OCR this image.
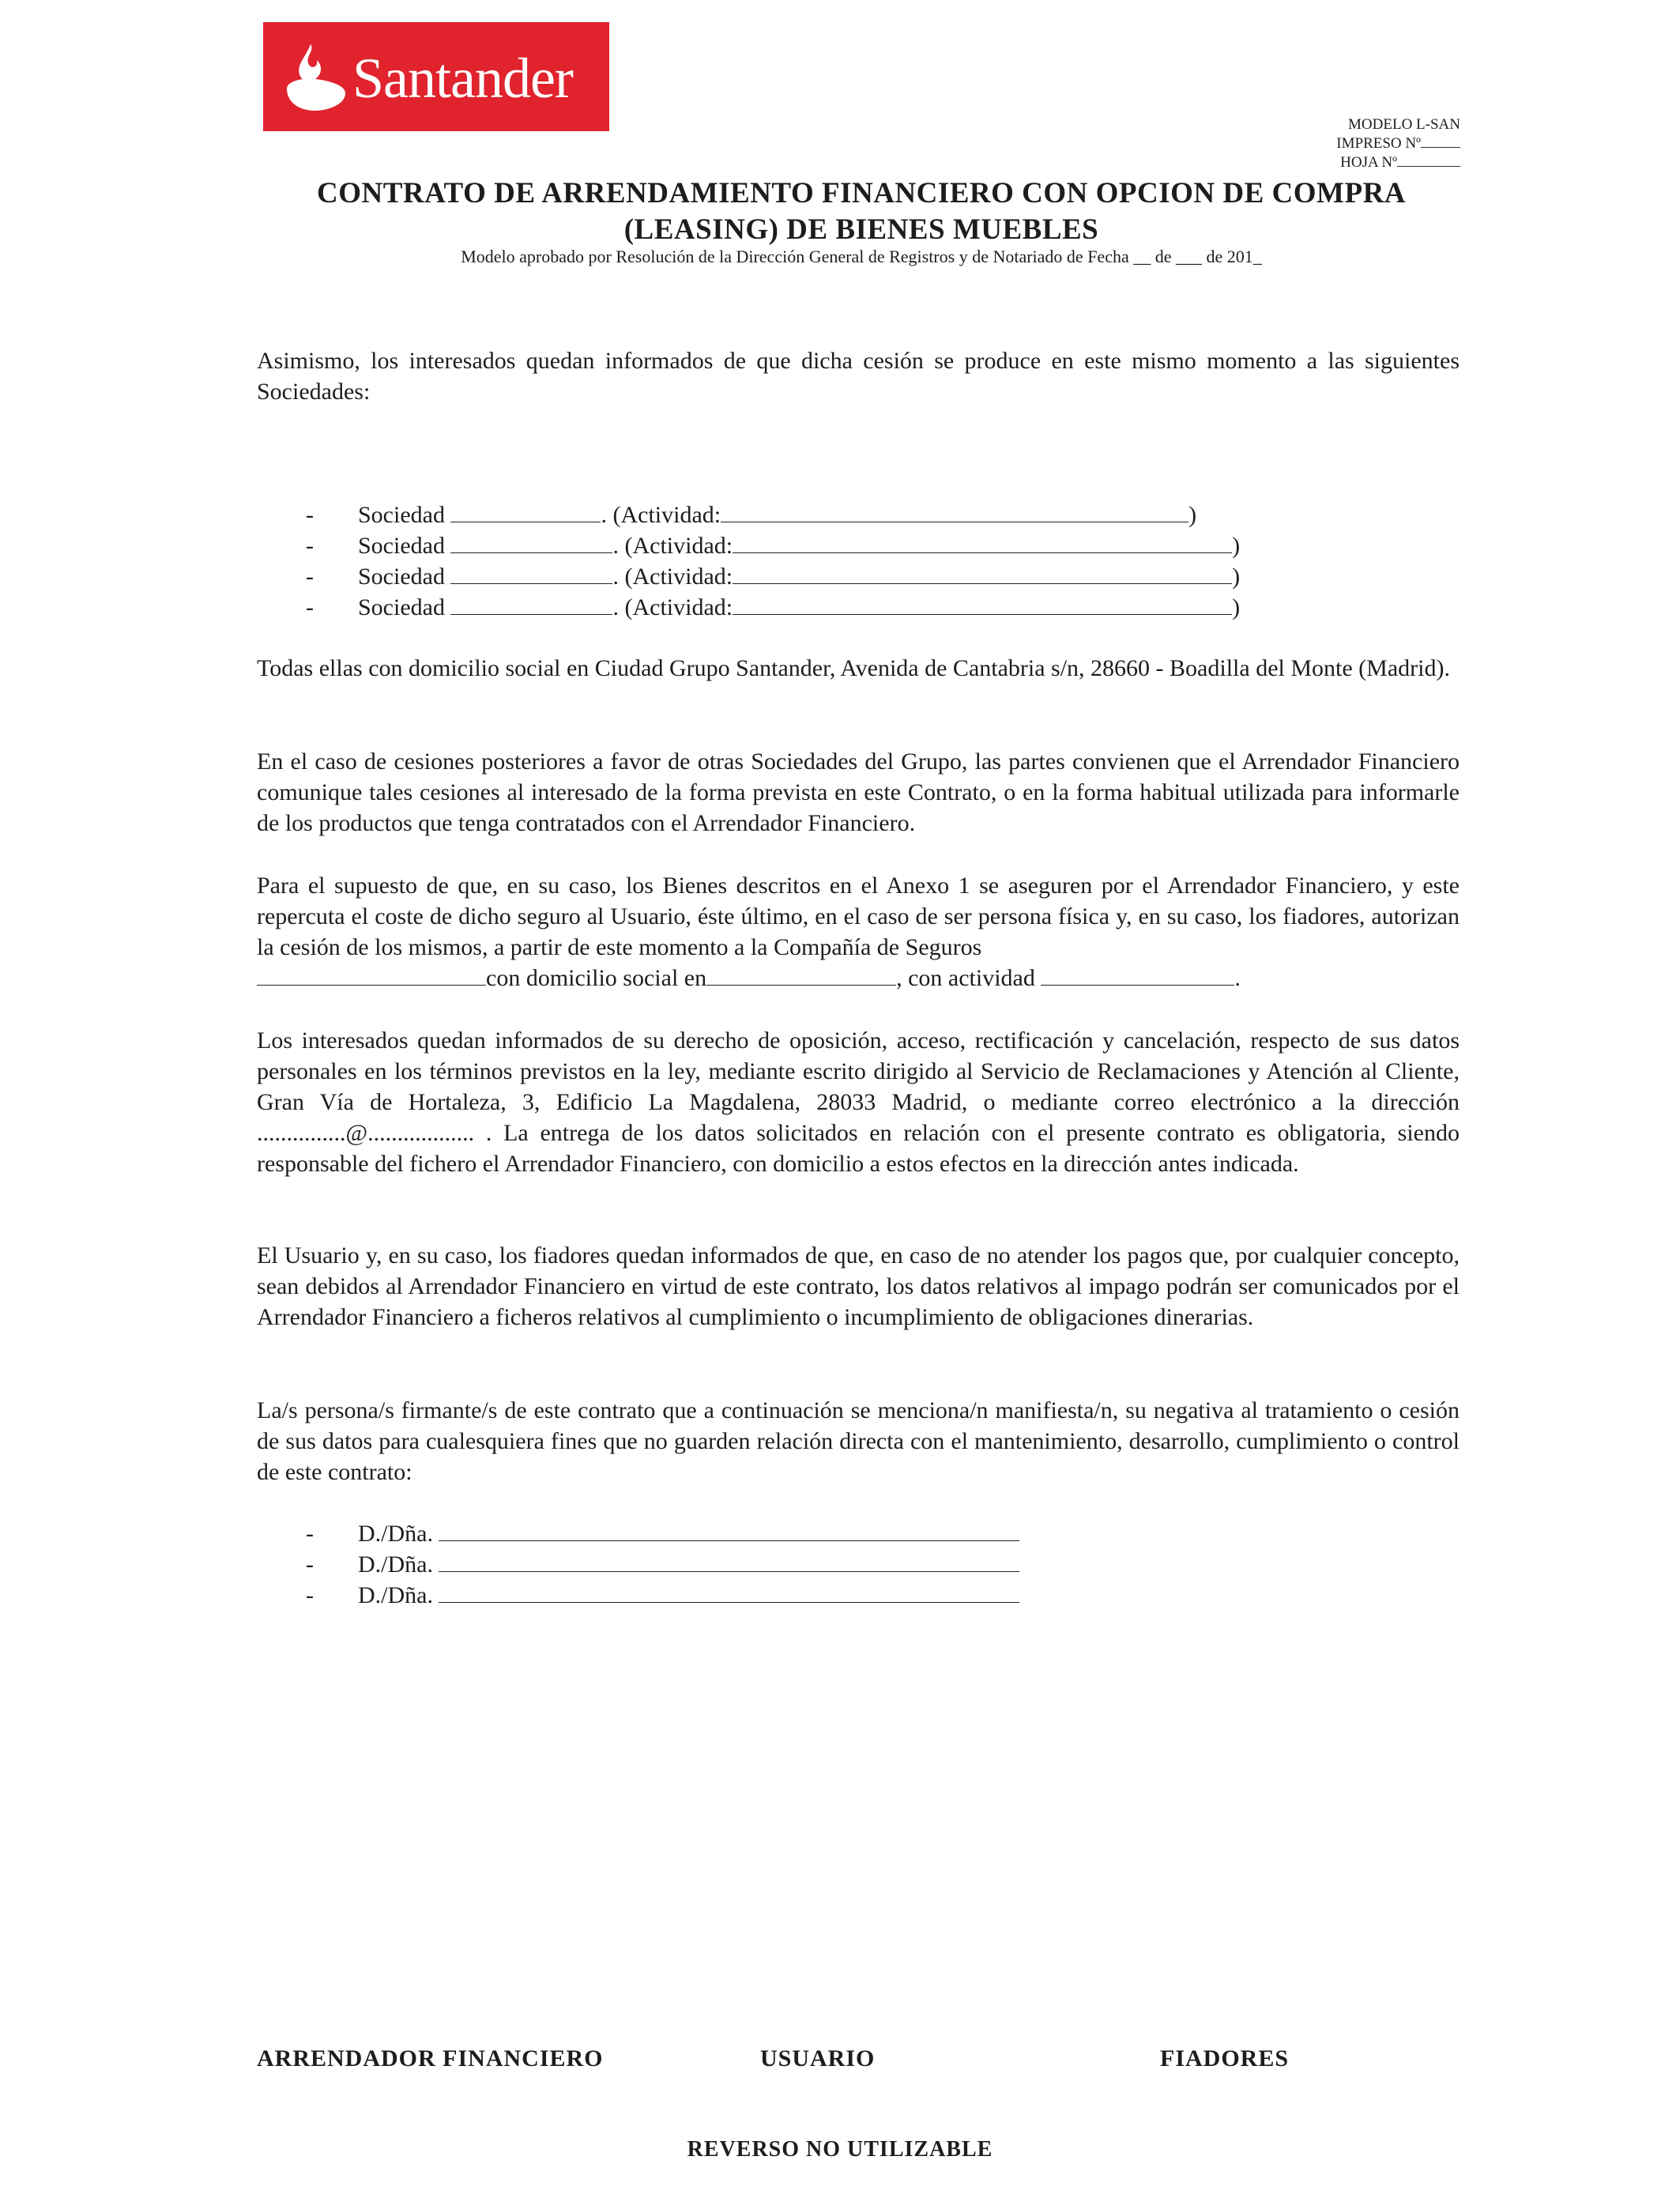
Santander
MODELO L-SAN
IMPRESO Nº
HOJA Nº
CONTRATO DE ARRENDAMIENTO FINANCIERO CON OPCION DE COMPRA
(LEASING) DE BIENES MUEBLES
Modelo aprobado por Resolución de la Dirección General de Registros y de Notariado de Fecha __ de ___ de 201_
Asimismo, los interesados quedan informados de que dicha cesión se produce en este mismo momento a las siguientes Sociedades:
-	Sociedad
	. (Actividad:	)
-	Sociedad
	. (Actividad:	)
-	Sociedad
	. (Actividad:	)
-	Sociedad
	. (Actividad:	)
Todas ellas con domicilio social en Ciudad Grupo Santander, Avenida de Cantabria s/n, 28660 - Boadilla del Monte (Madrid).
En el caso de cesiones posteriores a favor de otras Sociedades del Grupo, las partes convienen que el Arrendador Financiero comunique tales cesiones al interesado de la forma prevista en este Contrato, o en la forma habitual utilizada para informarle de los productos que tenga contratados con el Arrendador Financiero.
Para el supuesto de que, en su caso, los Bienes descritos en el Anexo 1 se aseguren por el Arrendador Financiero, y este repercuta el coste de dicho seguro al Usuario, éste último, en el caso de ser persona física y, en su caso, los fiadores, autorizan la cesión de los mismos, a partir de este momento a la Compañía de Seguros
con domicilio social en	, con actividad	.
Los interesados quedan informados de su derecho de oposición, acceso, rectificación y cancelación, respecto de sus datos personales en los términos previstos en la ley, mediante escrito dirigido al Servicio de Reclamaciones y Atención al Cliente, Gran Vía de Hortaleza, 3, Edificio La Magdalena, 28033 Madrid, o mediante correo electrónico a la dirección ...............@.................. . La entrega de los datos solicitados en relación con el presente contrato es obligatoria, siendo responsable del fichero el Arrendador Financiero, con domicilio a estos efectos en la dirección antes indicada.
El Usuario y, en su caso, los fiadores quedan informados de que, en caso de no atender los pagos que, por cualquier concepto, sean debidos al Arrendador Financiero en virtud de este contrato, los datos relativos al impago podrán ser comunicados por el Arrendador Financiero a ficheros relativos al cumplimiento o incumplimiento de obligaciones dinerarias.
La/s persona/s firmante/s de este contrato que a continuación se menciona/n manifiesta/n, su negativa al tratamiento o cesión de sus datos para cualesquiera fines que no guarden relación directa con el mantenimiento, desarrollo, cumplimiento o control de este contrato:
-	D./Dña.

-	D./Dña.

-	D./Dña.

ARRENDADOR FINANCIERO	USUARIO	FIADORES
REVERSO NO UTILIZABLE
